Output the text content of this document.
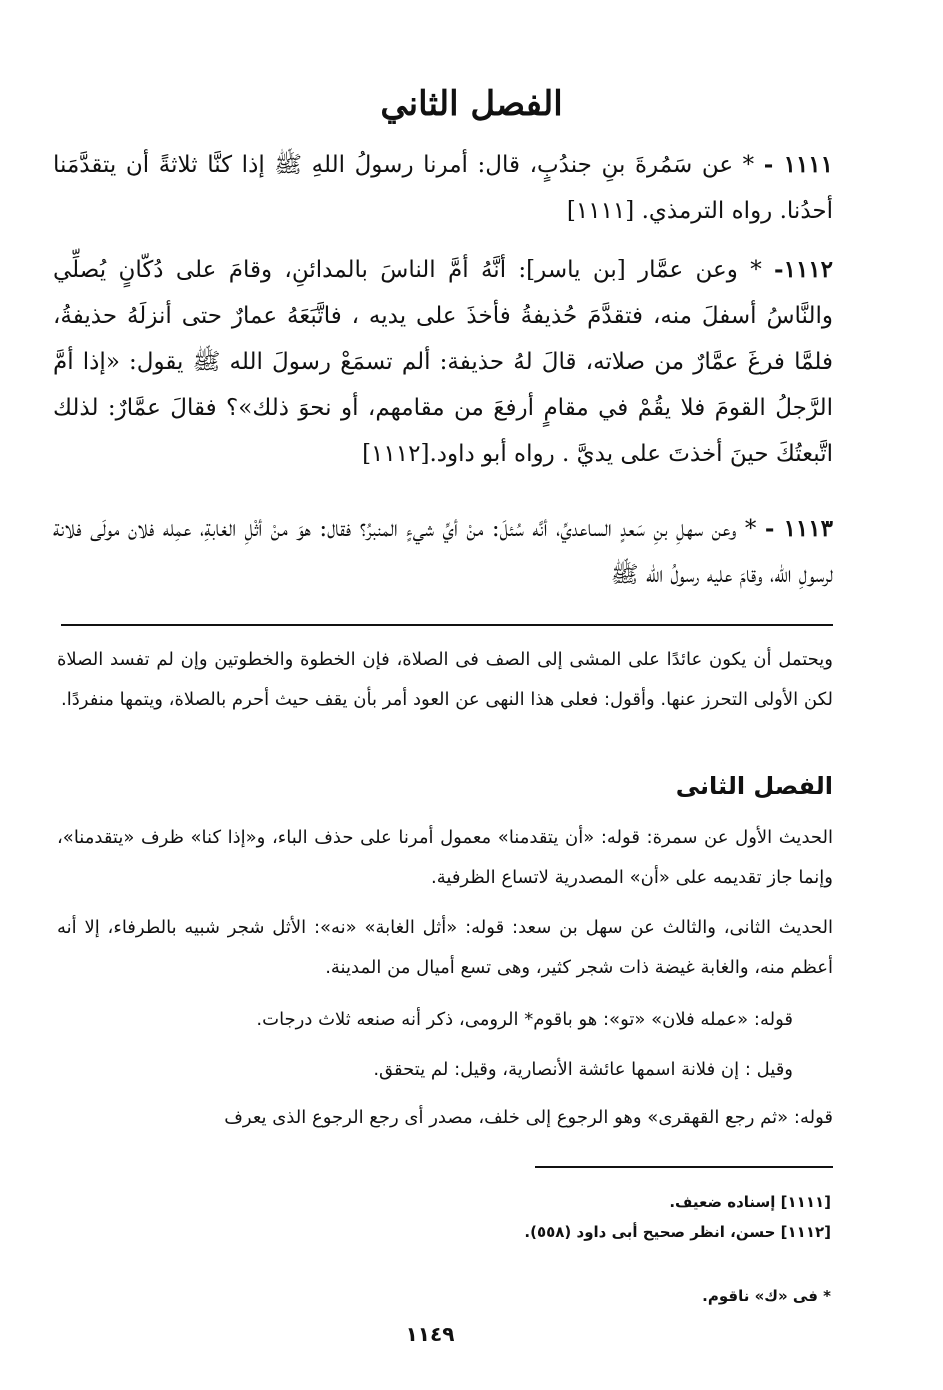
الفصل الثاني

١١١١ - * عن سَمُرةَ بنِ جندُبٍ، قال: أمرنا رسولُ اللهِ ﷺ إذا كنَّا ثلاثةً أن يتقدَّمَنا أحدُنا. رواه الترمذي. [١١١١]

١١١٢- * وعن عمَّار [بن ياسر]: أنَّهُ أمَّ الناسَ بالمدائنِ، وقامَ على دُكّانٍ يُصلِّي والنَّاسُ أسفلَ منه، فتقدَّمَ حُذيفةُ فأخذَ على يديه ، فاتَّبَعَهُ عمارٌ حتى أنزلَهُ حذيفةُ، فلمَّا فرغَ عمَّارٌ من صلاته، قالَ لهُ حذيفة: ألم تسمَعْ رسولَ الله ﷺ يقول: «إذا أمَّ الرَّجلُ القومَ فلا يقُمْ في مقامٍ أرفعَ من مقامهم، أو نحوَ ذلك»؟ فقالَ عمَّارٌ: لذلك اتَّبعتُكَ حينَ أخذتَ على يديَّ . رواه أبو داود.[١١١٢]

١١١٣ - * وعن سهلِ بنِ سَعدٍ الساعديِّ، أنَّه سُئلَ: منْ أيِّ شيءٍ المنبرُ؟ فقال: هوَ منْ أثْلِ الغابةِ، عمِله فلان مولَى فلانة لرسولِ الله، وقامَ عليه رسولُ الله ﷺ

ويحتمل أن يكون عائدًا على المشى إلى الصف فى الصلاة، فإن الخطوة والخطوتين وإن لم تفسد الصلاة لكن الأولى التحرز عنها. وأقول: فعلى هذا النهى عن العود أمر بأن يقف حيث أحرم بالصلاة، ويتمها منفردًا.

الفصل الثانى

الحديث الأول عن سمرة: قوله: «أن يتقدمنا» معمول أمرنا على حذف الباء، و«إذا كنا» ظرف «يتقدمنا»، وإنما جاز تقديمه على «أن» المصدرية لاتساع الظرفية.

الحديث الثانى، والثالث عن سهل بن سعد: قوله: «أثل الغابة» «نه»: الأثل شجر شبيه بالطرفاء، إلا أنه أعظم منه، والغابة غيضة ذات شجر كثير، وهى تسع أميال من المدينة.

قوله: «عمله فلان» «تو»: هو باقوم* الرومى، ذكر أنه صنعه ثلاث درجات.

وقيل : إن فلانة اسمها عائشة الأنصارية، وقيل: لم يتحقق.

قوله: «ثم رجع القهقرى» وهو الرجوع إلى خلف، مصدر أى رجع الرجوع الذى يعرف

[١١١١] إسناده ضعيف.

[١١١٢] حسن، انظر صحيح أبى داود (٥٥٨).

* فى «ك» ناقوم.

١١٤٩
